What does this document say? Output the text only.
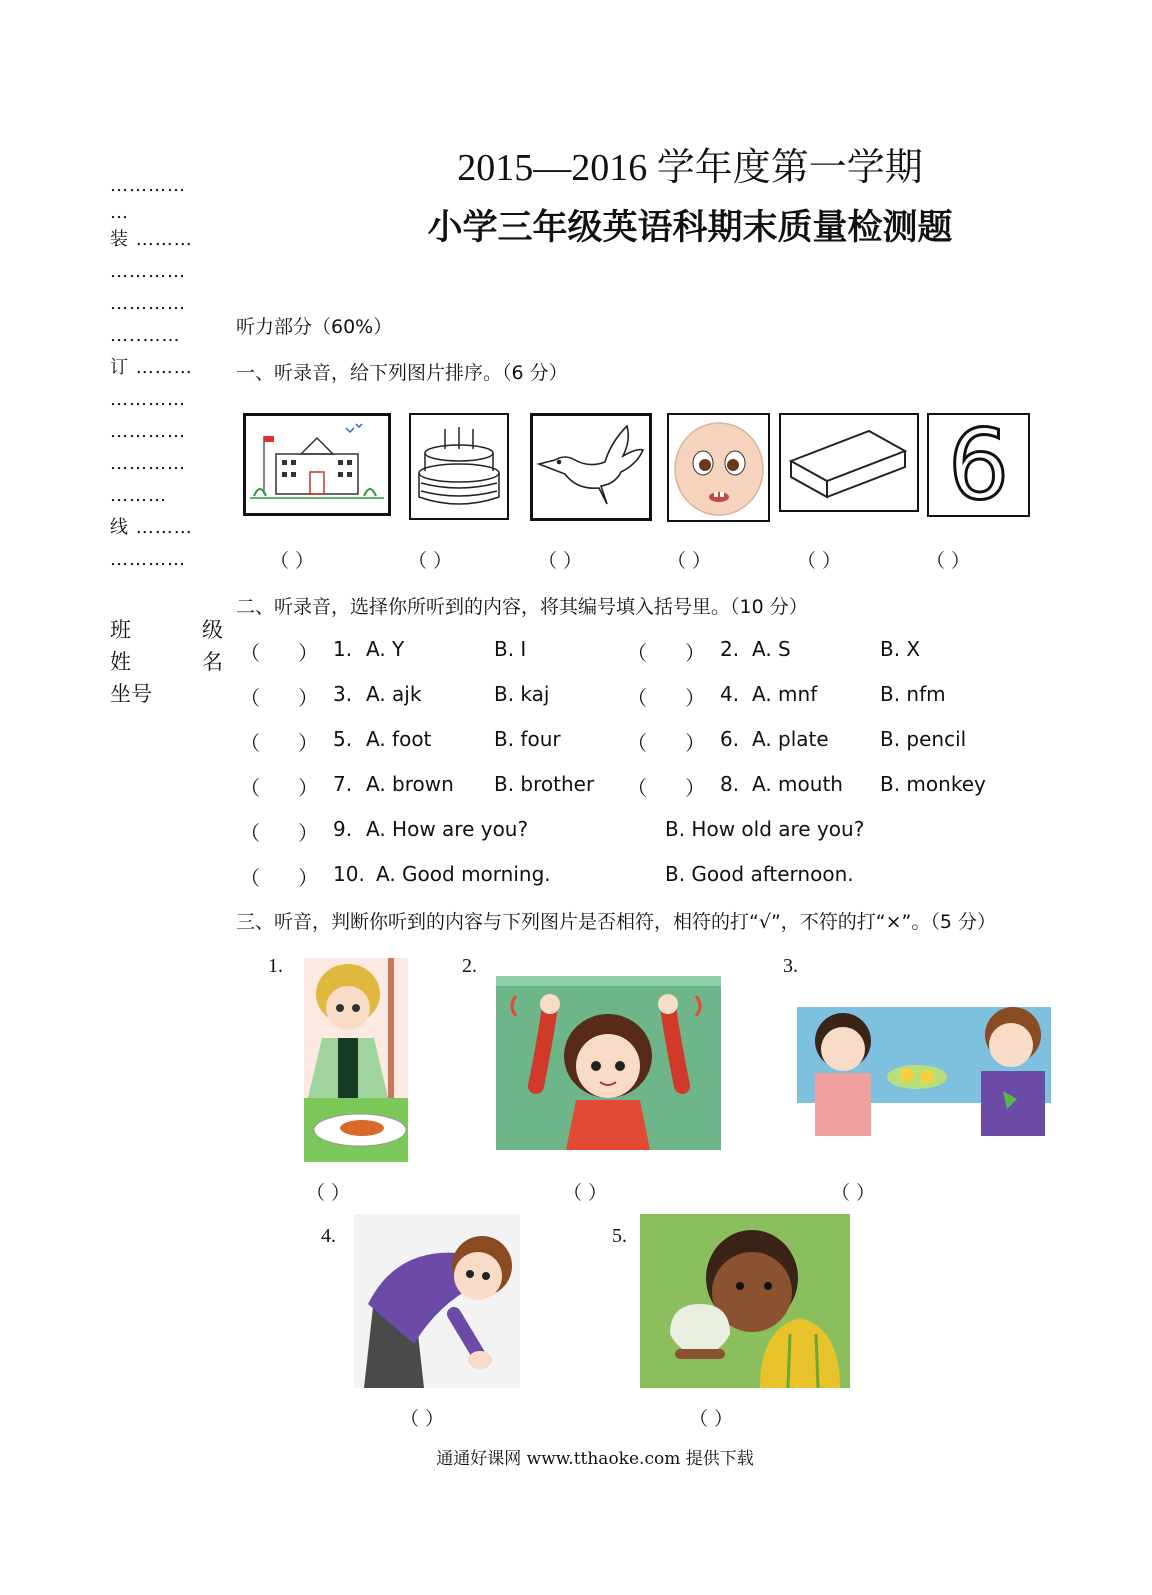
2015—2016 学年度第一学期
小学三年级英语科期末质量检测题
…………
…
装 ………
…………
…………
…..……
订 ………
…………
…………
…………
………
线 ………
…………
班	级
姓	名
坐号
听力部分（60%）
一、听录音，给下列图片排序。（6 分）
6
（ ）	（ ）	（ ）	（ ）	（ ）	（ ）
二、听录音，选择你所听到的内容，将其编号填入括号里。（10 分）
（      ） 1. A. Y	B. I	（      ） 2. A. S	B. X
（      ） 3. A. ajk	B. kaj	（      ） 4. A. mnf	B. nfm
（      ） 5. A. foot	B. four	（      ） 6. A. plate	B. pencil
（      ） 7. A. brown B. brother （      ） 8. A. mouth B. monkey
（      ） 9. A. How are you?	B. How old are you?
（      ） 10. A. Good morning.	B. Good afternoon.
三、听音，判断你听到的内容与下列图片是否相符，相符的打“√”，不符的打“×”。（5 分）
1.
（ ）
2.
（ ）
3.
（ ）
4.
（ ）
5.
（ ）
通通好课网 www.tthaoke.com 提供下载
